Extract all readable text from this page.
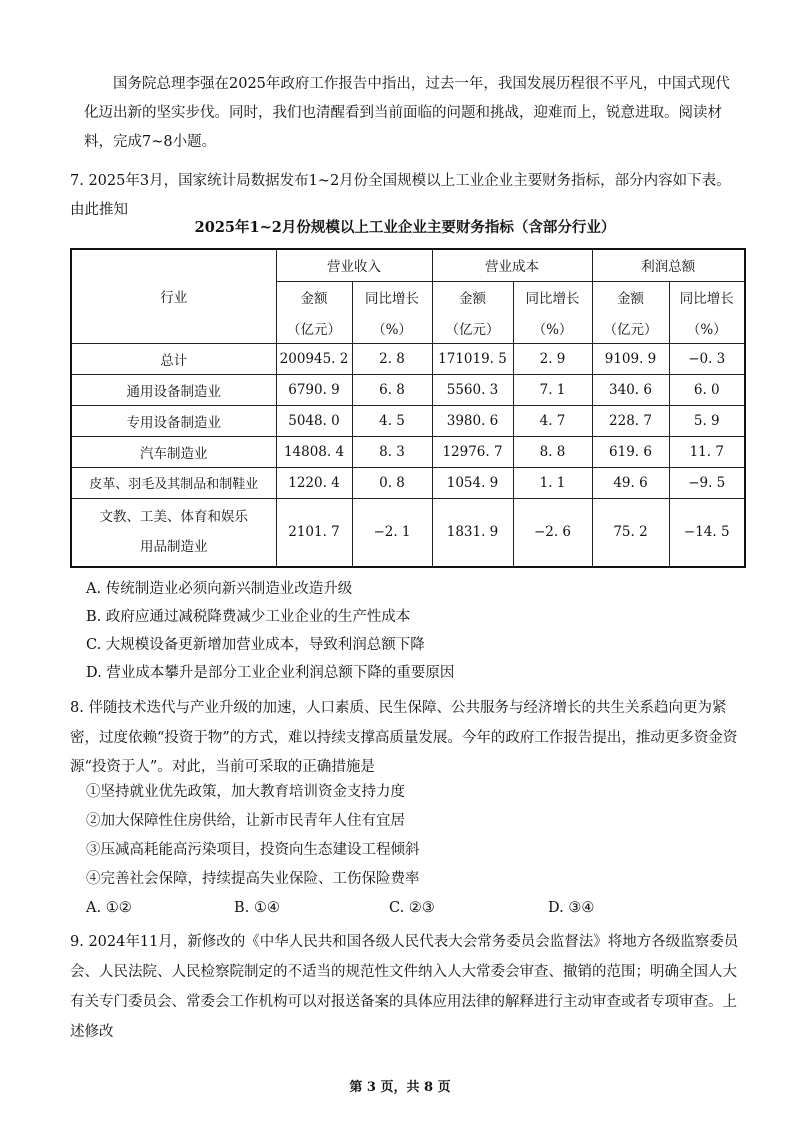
国务院总理李强在2025年政府工作报告中指出，过去一年，我国发展历程很不平凡，中国式现代化迈出新的坚实步伐。同时，我们也清醒看到当前面临的问题和挑战，迎难而上，锐意进取。阅读材料，完成7~8小题。
7. 2025年3月，国家统计局数据发布1~2月份全国规模以上工业企业主要财务指标，部分内容如下表。由此推知
2025年1~2月份规模以上工业企业主要财务指标（含部分行业）
行业	营业收入		营业成本		利润总额	
	金额	同比增长	金额	同比增长	金额	同比增长
	（亿元）	（%）	（亿元）	（%）	（亿元）	（%）
总计	200945. 2	2. 8	171019. 5	2. 9	9109. 9	−0. 3
通用设备制造业	6790. 9	6. 8	5560. 3	7. 1	340. 6	6. 0
专用设备制造业	5048. 0	4. 5	3980. 6	4. 7	228. 7	5. 9
汽车制造业	14808. 4	8. 3	12976. 7	8. 8	619. 6	11. 7
皮革、羽毛及其制品和制鞋业	1220. 4	0. 8	1054. 9	1. 1	49. 6	−9. 5

文教、工美、体育和娱乐
用品制造业	2101. 7	−2. 1	1831. 9	−2. 6	75. 2	−14. 5
A. 传统制造业必须向新兴制造业改造升级
B. 政府应通过减税降费减少工业企业的生产性成本
C. 大规模设备更新增加营业成本，导致利润总额下降
D. 营业成本攀升是部分工业企业利润总额下降的重要原因
8. 伴随技术迭代与产业升级的加速，人口素质、民生保障、公共服务与经济增长的共生关系趋向更为紧密，过度依赖“投资于物”的方式，难以持续支撑高质量发展。今年的政府工作报告提出，推动更多资金资源“投资于人”。对此，当前可采取的正确措施是
①坚持就业优先政策，加大教育培训资金支持力度
②加大保障性住房供给，让新市民青年人住有宜居
③压减高耗能高污染项目，投资向生态建设工程倾斜
④完善社会保障，持续提高失业保险、工伤保险费率
A. ①②	B. ①④	C. ②③	D. ③④
9. 2024年11月，新修改的《中华人民共和国各级人民代表大会常务委员会监督法》将地方各级监察委员会、人民法院、人民检察院制定的不适当的规范性文件纳入人大常委会审查、撤销的范围；明确全国人大有关专门委员会、常委会工作机构可以对报送备案的具体应用法律的解释进行主动审查或者专项审查。上述修改
第 3 页，共 8 页
